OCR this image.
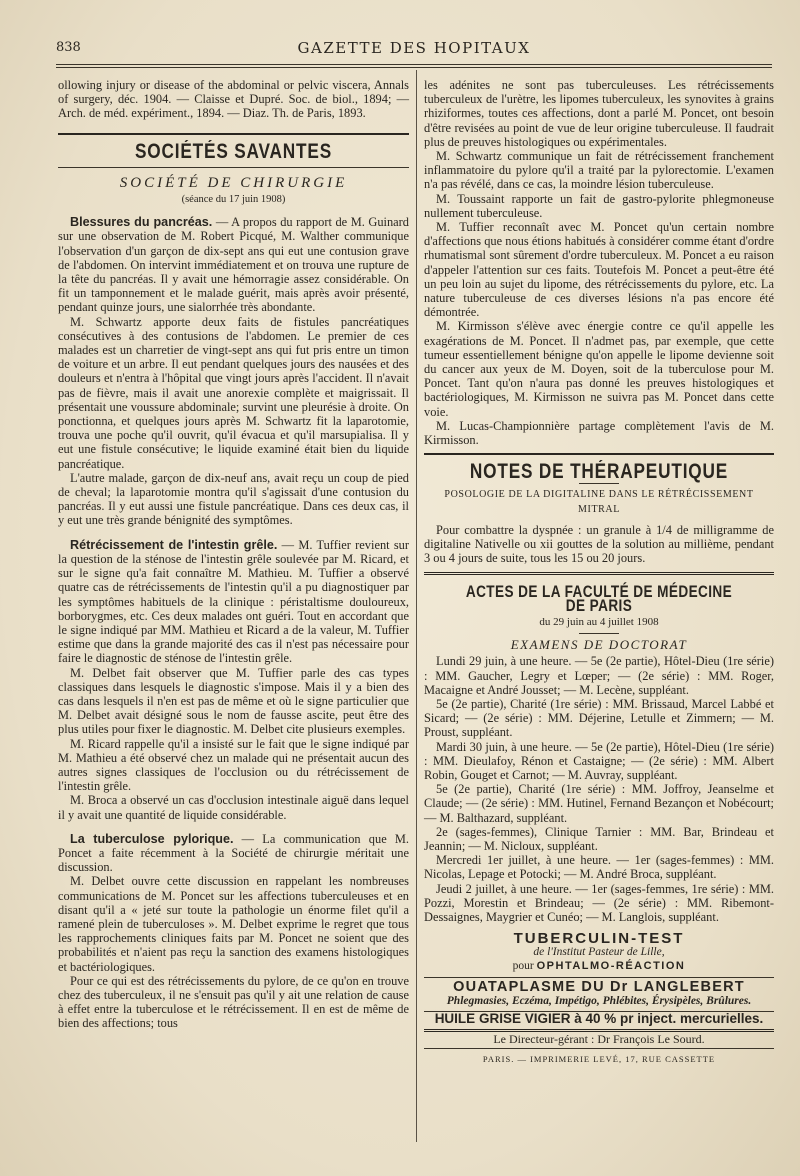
838	GAZETTE DES HOPITAUX

ollowing injury or disease of the abdominal or pelvic viscera, Annals of surgery, déc. 1904. — Claisse et Dupré. Soc. de biol., 1894; — Arch. de méd. expériment., 1894. — Diaz. Th. de Paris, 1893.

SOCIÉTÉS SAVANTES
SOCIÉTÉ DE CHIRURGIE
(séance du 17 juin 1908)

Blessures du pancréas. — A propos du rapport de M. Guinard sur une observation de M. Robert Picqué, M. Walther communique l'observation d'un garçon de dix-sept ans qui eut une contusion grave de l'abdomen. On intervint immédiatement et on trouva une rupture de la tête du pancréas. Il y avait une hémorragie assez considérable. On fit un tamponnement et le malade guérit, mais après avoir présenté, pendant quinze jours, une sialorrhée très abondante.

M. Schwartz apporte deux faits de fistules pancréatiques consécutives à des contusions de l'abdomen. Le premier de ces malades est un charretier de vingt-sept ans qui fut pris entre un timon de voiture et un arbre. Il eut pendant quelques jours des nausées et des douleurs et n'entra à l'hôpital que vingt jours après l'accident. Il n'avait pas de fièvre, mais il avait une anorexie complète et maigrissait. Il présentait une voussure abdominale; survint une pleurésie à droite. On ponctionna, et quelques jours après M. Schwartz fit la laparotomie, trouva une poche qu'il ouvrit, qu'il évacua et qu'il marsupialisa. Il y eut une fistule consécutive; le liquide examiné était bien du liquide pancréatique.

L'autre malade, garçon de dix-neuf ans, avait reçu un coup de pied de cheval; la laparotomie montra qu'il s'agissait d'une contusion du pancréas. Il y eut aussi une fistule pancréatique. Dans ces deux cas, il y eut une très grande bénignité des symptômes.

Rétrécissement de l'intestin grêle. — M. Tuffier revient sur la question de la sténose de l'intestin grêle soulevée par M. Ricard, et sur le signe qu'a fait connaître M. Mathieu. M. Tuffier a observé quatre cas de rétrécissements de l'intestin qu'il a pu diagnostiquer par les symptômes habituels de la clinique : péristaltisme douloureux, borborygmes, etc. Ces deux malades ont guéri. Tout en accordant que le signe indiqué par MM. Mathieu et Ricard a de la valeur, M. Tuffier estime que dans la grande majorité des cas il n'est pas nécessaire pour faire le diagnostic de sténose de l'intestin grêle.

M. Delbet fait observer que M. Tuffier parle des cas types classiques dans lesquels le diagnostic s'impose. Mais il y a bien des cas dans lesquels il n'en est pas de même et où le signe particulier que M. Delbet avait désigné sous le nom de fausse ascite, peut être des plus utiles pour fixer le diagnostic. M. Delbet cite plusieurs exemples.

M. Ricard rappelle qu'il a insisté sur le fait que le signe indiqué par M. Mathieu a été observé chez un malade qui ne présentait aucun des autres signes classiques de l'occlusion ou du rétrécissement de l'intestin grêle.

M. Broca a observé un cas d'occlusion intestinale aiguë dans lequel il y avait une quantité de liquide considérable.

La tuberculose pylorique. — La communication que M. Poncet a faite récemment à la Société de chirurgie méritait une discussion.

M. Delbet ouvre cette discussion en rappelant les nombreuses communications de M. Poncet sur les affections tuberculeuses et en disant qu'il a « jeté sur toute la pathologie un énorme filet qu'il a ramené plein de tuberculoses ». M. Delbet exprime le regret que tous les rapprochements cliniques faits par M. Poncet ne soient que des probabilités et n'aient pas reçu la sanction des examens histologiques et bactériologiques.

Pour ce qui est des rétrécissements du pylore, de ce qu'on en trouve chez des tuberculeux, il ne s'ensuit pas qu'il y ait une relation de cause à effet entre la tuberculose et le rétrécissement. Il en est de même de bien des affections; tous

les adénites ne sont pas tuberculeuses. Les rétrécissements tuberculeux de l'urètre, les lipomes tuberculeux, les synovites à grains rhiziformes, toutes ces affections, dont a parlé M. Poncet, ont besoin d'être revisées au point de vue de leur origine tuberculeuse. Il faudrait plus de preuves histologiques ou expérimentales.

M. Schwartz communique un fait de rétrécissement franchement inflammatoire du pylore qu'il a traité par la pylorectomie. L'examen n'a pas révélé, dans ce cas, la moindre lésion tuberculeuse.

M. Toussaint rapporte un fait de gastro-pylorite phlegmoneuse nullement tuberculeuse.

M. Tuffier reconnaît avec M. Poncet qu'un certain nombre d'affections que nous étions habitués à considérer comme étant d'ordre rhumatismal sont sûrement d'ordre tuberculeux. M. Poncet a eu raison d'appeler l'attention sur ces faits. Toutefois M. Poncet a peut-être été un peu loin au sujet du lipome, des rétrécissements du pylore, etc. La nature tuberculeuse de ces diverses lésions n'a pas encore été démontrée.

M. Kirmisson s'élève avec énergie contre ce qu'il appelle les exagérations de M. Poncet. Il n'admet pas, par exemple, que cette tumeur essentiellement bénigne qu'on appelle le lipome devienne soit du cancer aux yeux de M. Doyen, soit de la tuberculose pour M. Poncet. Tant qu'on n'aura pas donné les preuves histologiques et bactériologiques, M. Kirmisson ne suivra pas M. Poncet dans cette voie.

M. Lucas-Championnière partage complètement l'avis de M. Kirmisson.

NOTES DE THÉRAPEUTIQUE
POSOLOGIE DE LA DIGITALINE DANS LE RÉTRÉCISSEMENT MITRAL

Pour combattre la dyspnée : un granule à 1/4 de milligramme de digitaline Nativelle ou xii gouttes de la solution au millième, pendant 3 ou 4 jours de suite, tous les 15 ou 20 jours.

ACTES DE LA FACULTÉ DE MÉDECINE DE PARIS
du 29 juin au 4 juillet 1908
EXAMENS DE DOCTORAT

Lundi 29 juin, à une heure. — 5e (2e partie), Hôtel-Dieu (1re série) : MM. Gaucher, Legry et Lœper; — (2e série) : MM. Roger, Macaigne et André Jousset; — M. Lecène, suppléant.

5e (2e partie), Charité (1re série) : MM. Brissaud, Marcel Labbé et Sicard; — (2e série) : MM. Déjerine, Letulle et Zimmern; — M. Proust, suppléant.

Mardi 30 juin, à une heure. — 5e (2e partie), Hôtel-Dieu (1re série) : MM. Dieulafoy, Rénon et Castaigne; — (2e série) : MM. Albert Robin, Gouget et Carnot; — M. Auvray, suppléant.

5e (2e partie), Charité (1re série) : MM. Joffroy, Jeanselme et Claude; — (2e série) : MM. Hutinel, Fernand Bezançon et Nobécourt; — M. Balthazard, suppléant.

2e (sages-femmes), Clinique Tarnier : MM. Bar, Brindeau et Jeannin; — M. Nicloux, suppléant.

Mercredi 1er juillet, à une heure. — 1er (sages-femmes) : MM. Nicolas, Lepage et Potocki; — M. André Broca, suppléant.

Jeudi 2 juillet, à une heure. — 1er (sages-femmes, 1re série) : MM. Pozzi, Morestin et Brindeau; — (2e série) : MM. Ribemont-Dessaignes, Maygrier et Cunéo; — M. Langlois, suppléant.

TUBERCULIN-TEST
de l'Institut Pasteur de Lille,
pour OPHTALMO-RÉACTION
OUATAPLASME DU Dr LANGLEBERT
Phlegmasies, Eczéma, Impétigo, Phlébites, Érysipèles, Brûlures.
HUILE GRISE VIGIER à 40 % pr inject. mercurielles.
Le Directeur-gérant : Dr François Le Sourd.
PARIS. — IMPRIMERIE LEVÉ, 17, RUE CASSETTE
